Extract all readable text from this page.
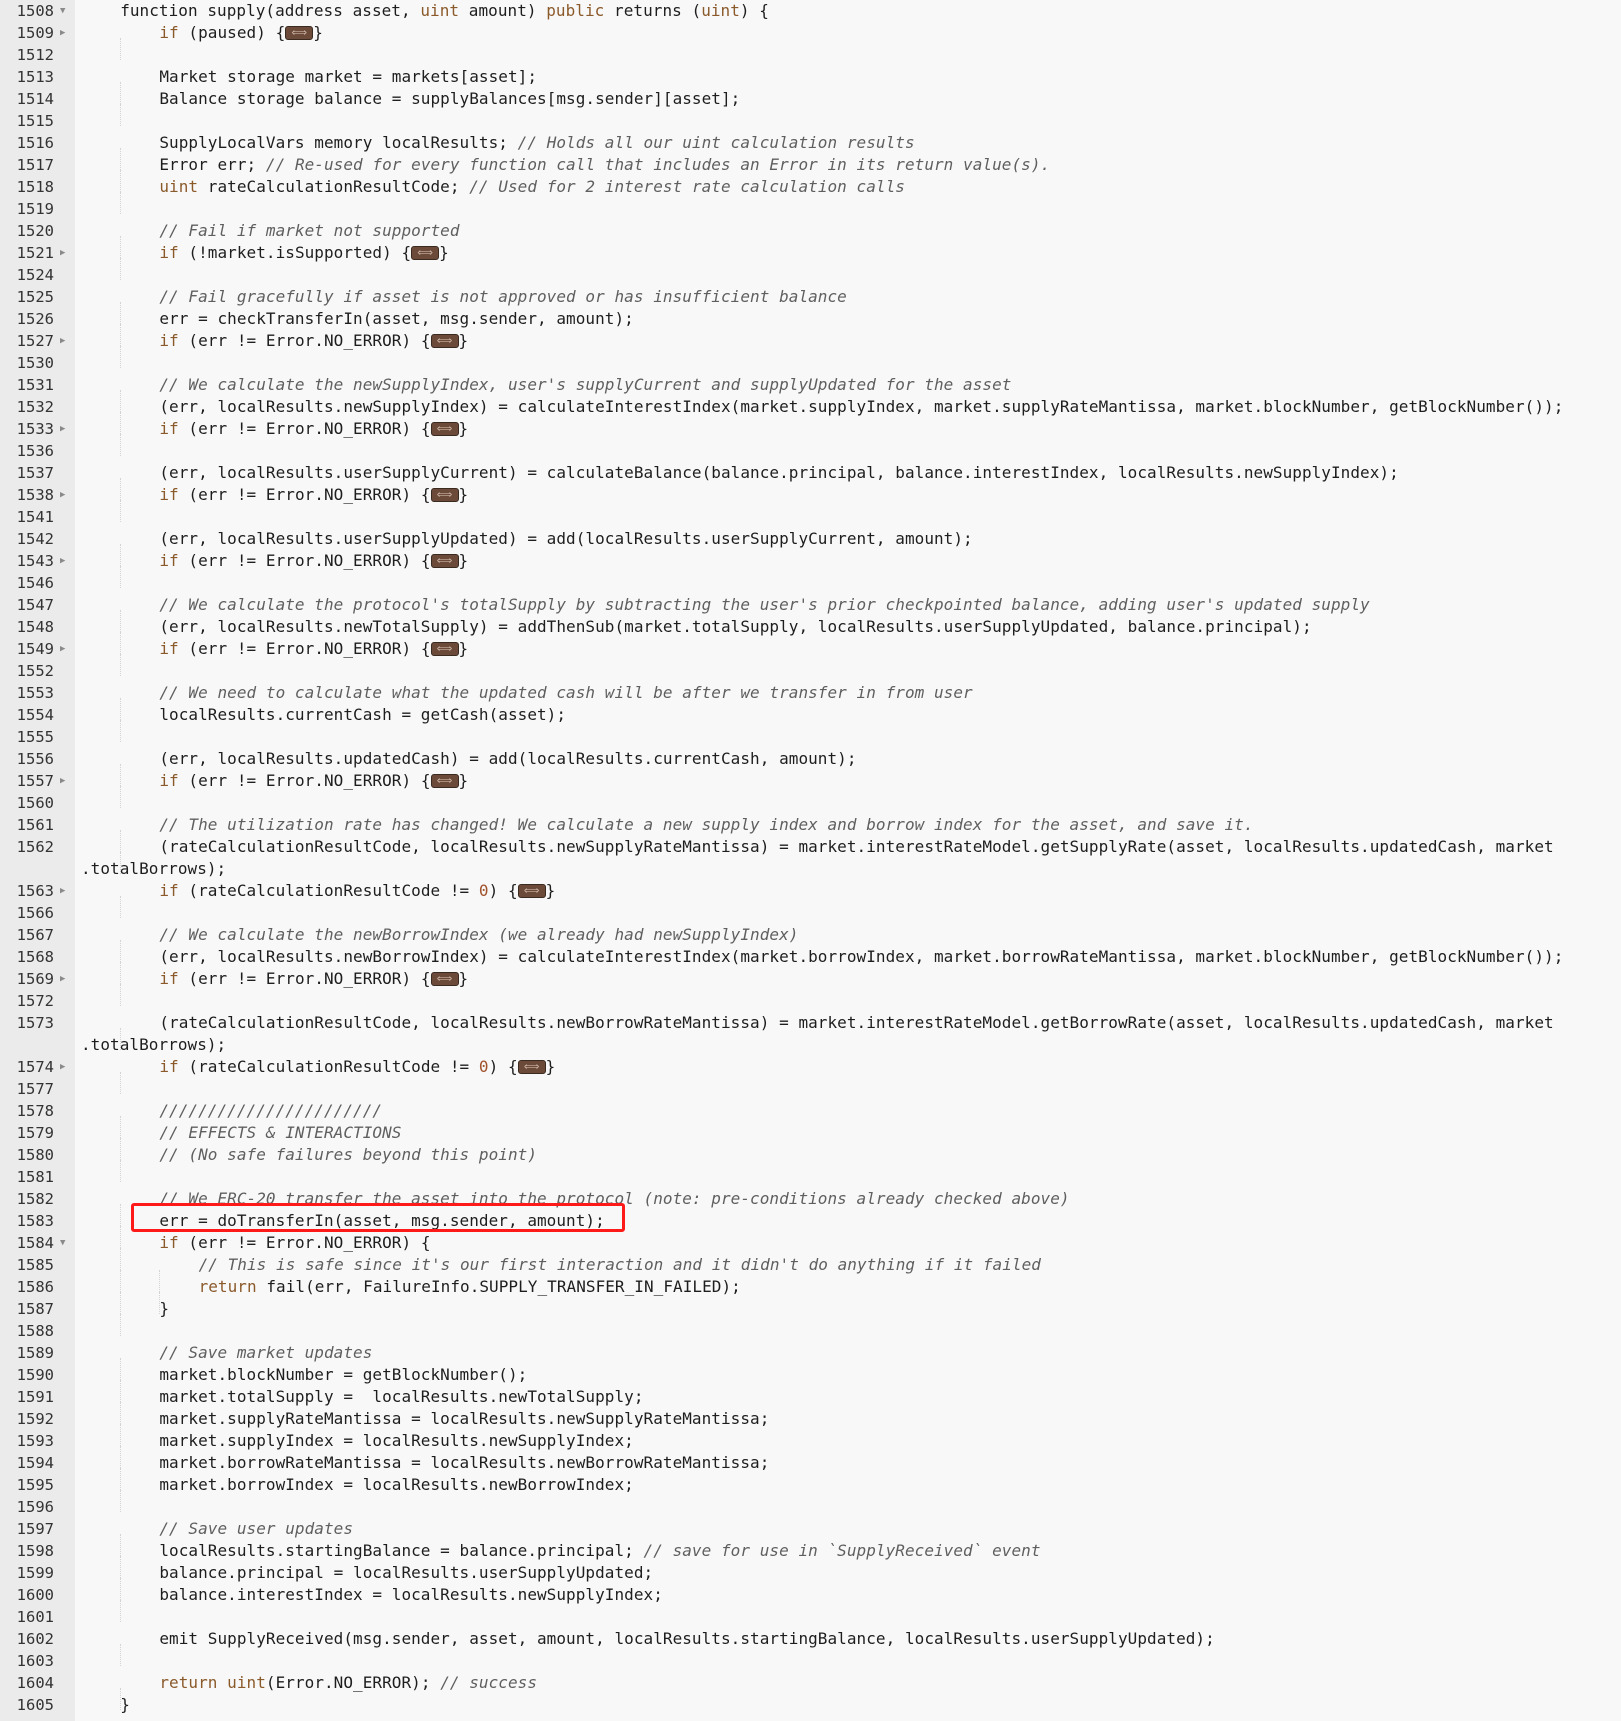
1508 ▼	function supply(address asset, uint amount) public returns (uint) {
1509 ▶	if (paused) { ⟺ }
1512
1513	Market storage market = markets[asset];
1514	Balance storage balance = supplyBalances[msg.sender][asset];
1515
1516	SupplyLocalVars memory localResults; // Holds all our uint calculation results
1517	Error err; // Re-used for every function call that includes an Error in its return value(s).
1518	uint rateCalculationResultCode; // Used for 2 interest rate calculation calls
1519
1520	// Fail if market not supported
1521 ▶	if (!market.isSupported) { ⟺ }
1524
1525	// Fail gracefully if asset is not approved or has insufficient balance
1526	err = checkTransferIn(asset, msg.sender, amount);
1527 ▶	if (err != Error.NO_ERROR) { ⟺ }
1530
1531	// We calculate the newSupplyIndex, user's supplyCurrent and supplyUpdated for the asset
1532	(err, localResults.newSupplyIndex) = calculateInterestIndex(market.supplyIndex, market.supplyRateMantissa, market.blockNumber, getBlockNumber());
1533 ▶	if (err != Error.NO_ERROR) { ⟺ }
1536
1537	(err, localResults.userSupplyCurrent) = calculateBalance(balance.principal, balance.interestIndex, localResults.newSupplyIndex);
1538 ▶	if (err != Error.NO_ERROR) { ⟺ }
1541
1542	(err, localResults.userSupplyUpdated) = add(localResults.userSupplyCurrent, amount);
1543 ▶	if (err != Error.NO_ERROR) { ⟺ }
1546
1547	// We calculate the protocol's totalSupply by subtracting the user's prior checkpointed balance, adding user's updated supply
1548	(err, localResults.newTotalSupply) = addThenSub(market.totalSupply, localResults.userSupplyUpdated, balance.principal);
1549 ▶	if (err != Error.NO_ERROR) { ⟺ }
1552
1553	// We need to calculate what the updated cash will be after we transfer in from user
1554	localResults.currentCash = getCash(asset);
1555
1556	(err, localResults.updatedCash) = add(localResults.currentCash, amount);
1557 ▶	if (err != Error.NO_ERROR) { ⟺ }
1560
1561	// The utilization rate has changed! We calculate a new supply index and borrow index for the asset, and save it.
1562	(rateCalculationResultCode, localResults.newSupplyRateMantissa) = market.interestRateModel.getSupplyRate(asset, localResults.updatedCash, market
.totalBorrows);
1563 ▶	if (rateCalculationResultCode != 0) { ⟺ }
1566
1567	// We calculate the newBorrowIndex (we already had newSupplyIndex)
1568	(err, localResults.newBorrowIndex) = calculateInterestIndex(market.borrowIndex, market.borrowRateMantissa, market.blockNumber, getBlockNumber());
1569 ▶	if (err != Error.NO_ERROR) { ⟺ }
1572
1573	(rateCalculationResultCode, localResults.newBorrowRateMantissa) = market.interestRateModel.getBorrowRate(asset, localResults.updatedCash, market
.totalBorrows);
1574 ▶	if (rateCalculationResultCode != 0) { ⟺ }
1577
1578	///////////////////////
1579	// EFFECTS & INTERACTIONS
1580	// (No safe failures beyond this point)
1581
1582	// We ERC-20 transfer the asset into the protocol (note: pre-conditions already checked above)
1583	err = doTransferIn(asset, msg.sender, amount);
1584 ▼	if (err != Error.NO_ERROR) {
1585	// This is safe since it's our first interaction and it didn't do anything if it failed
1586	return fail(err, FailureInfo.SUPPLY_TRANSFER_IN_FAILED);
1587	}
1588
1589	// Save market updates
1590	market.blockNumber = getBlockNumber();
1591	market.totalSupply =  localResults.newTotalSupply;
1592	market.supplyRateMantissa = localResults.newSupplyRateMantissa;
1593	market.supplyIndex = localResults.newSupplyIndex;
1594	market.borrowRateMantissa = localResults.newBorrowRateMantissa;
1595	market.borrowIndex = localResults.newBorrowIndex;
1596
1597	// Save user updates
1598	localResults.startingBalance = balance.principal; // save for use in `SupplyReceived` event
1599	balance.principal = localResults.userSupplyUpdated;
1600	balance.interestIndex = localResults.newSupplyIndex;
1601
1602	emit SupplyReceived(msg.sender, asset, amount, localResults.startingBalance, localResults.userSupplyUpdated);
1603
1604	return uint(Error.NO_ERROR); // success
1605	}
